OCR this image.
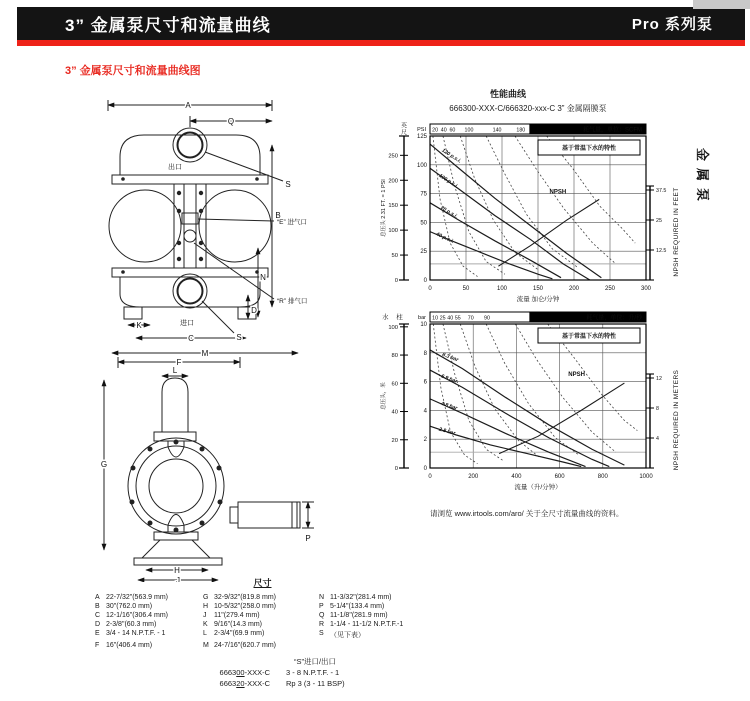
3” 金属泵尺寸和流量曲线	Pro 系列泵
3” 金属泵尺寸和流量曲线图
金属泵
A
Q
S
B
N
D
K
C
M
S
出口
进口
“E” 进气口
“R” 排气口
F
L
G
H
J
P
性能曲线
666300-XXX-C/666320-xxx-C 3” 金属隔膜泵
120 p.s.i.
100 p.s.i.
70 p.s.i.
40 p.s.i.
NPSH
耗气量，单位：SCFM
20 40 60 100	140	180
0
25
50
75
100
125
PSI
0
50
100
150
200
250
英
尺
总压头 2.31 FT. = 1 PSI
12.5
25
37.5 NPSH REQUIRED IN FEET
0	50	100	150	200	250	300
流量 加仑/分钟
基于常温下水的特性
8.3 bar
6.9 bar
4.8 bar
2.8 bar
NPSH
耗气量，单位：升/秒
10 25 40 55 70 90
0
2
4
6
8
10
bar
0
20
40
60
80
100
水 柱
总压头，米
4
8
12 NPSH REQUIRED IN METERS
0	200	400	600	800	1000
流量（升/分钟）
基于常温下水的特性
请浏览 www.irtools.com/aro/ 关于全尺寸流量曲线的资料。
尺寸
A 22-7/32"(563.9 mm)	G 32-9/32"(819.8 mm)	N 11-3/32"(281.4 mm)
B 30"(762.0 mm)	H 10-5/32"(258.0 mm)	P 5-1/4"(133.4 mm)
C 12-1/16"(306.4 mm)	J	11"(279.4 mm)	Q 11-1/8"(281.9 mm)
D 2-3/8"(60.3 mm)	K 9/16"(14.3 mm)	R 1-1/4 - 11-1/2 N.P.T.F.-1
E 3/4 - 14 N.P.T.F. - 1	L	2-3/4"(69.9 mm)	S （见下表）
F 16"(406.4 mm)	M 24-7/16"(620.7 mm)
“S”进口/出口
666300-XXX-C 3 - 8 N.P.T.F. - 1
666320-XXX-C Rp 3 (3 - 11 BSP)
